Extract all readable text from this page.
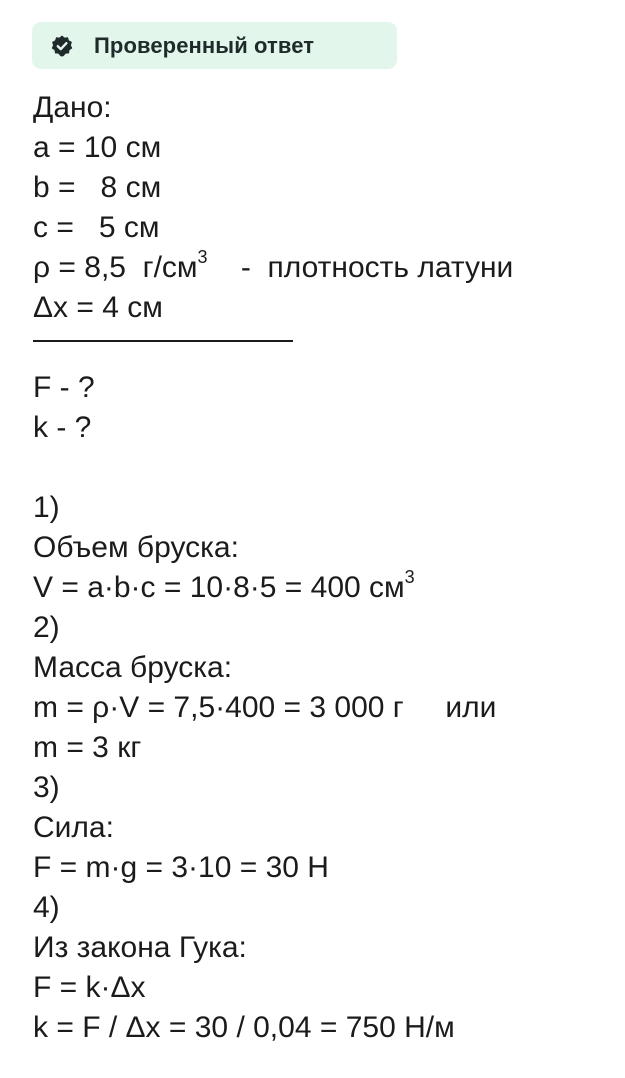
Проверенный ответ
Дано:
a = 10 см
b =   8 см
c =   5 см
ρ = 8,5  $г/см^3$    -  плотность латуни
Δx = 4 см
F - ?
k - ?
1)
Объем бруска:
V = a·b·c = 10·8·5 = 400 $см^3$
2)
Масса бруска:
m = ρ·V = 7,5·400 = 3 000 г     или
m = 3 кг
3)
Сила:
F = m·g = 3·10 = 30 Н
4)
Из закона Гука:
F = k·Δx
k = F / Δx = 30 / 0,04 = 750 Н/м
